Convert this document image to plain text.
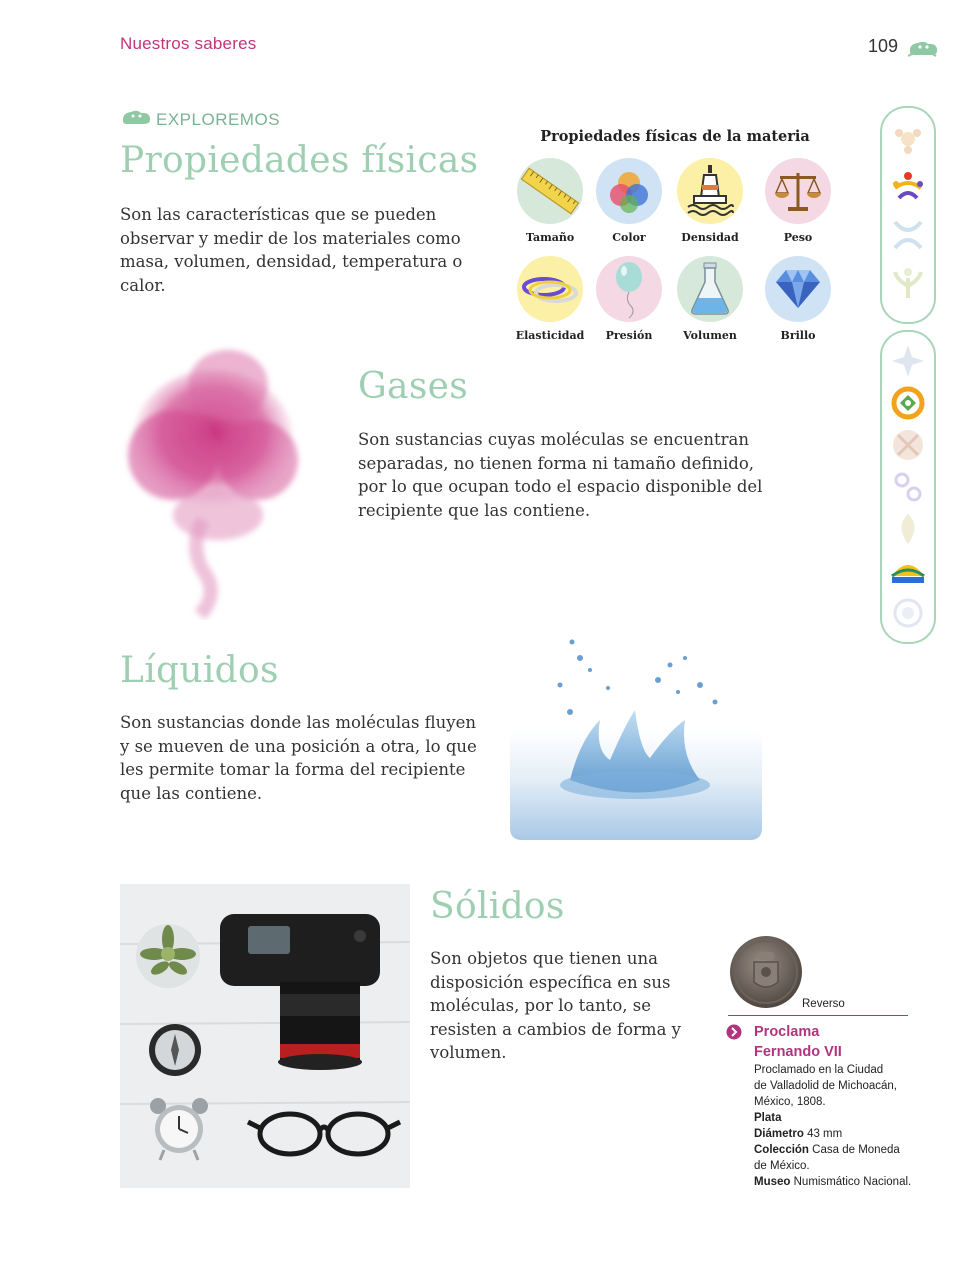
Nuestros saberes	109
EXPLOREMOS
Propiedades físicas

Son las características que se pueden observar y medir de los materiales como masa, volumen, densidad, temperatura o calor.

Propiedades físicas de la materia
Tamaño	Color	Densidad	Peso
Elasticidad	Presión	Volumen	Brillo
Gases

Son sustancias cuyas moléculas se encuentran separadas, no tienen forma ni tamaño definido, por lo que ocupan todo el espacio disponible del recipiente que las contiene.

Líquidos

Son sustancias donde las moléculas fluyen y se mueven de una posición a otra, lo que les permite tomar la forma del recipiente que las contiene.

Sólidos

Son objetos que tienen una disposición específica en sus moléculas, por lo tanto, se resisten a cambios de forma y volumen.

Reverso
Proclama
Fernando VII
Proclamado en la Ciudad
de Valladolid de Michoacán,
México, 1808.
Plata
Diámetro 43 mm
Colección Casa de Moneda de México.
Museo Numismático Nacional.
